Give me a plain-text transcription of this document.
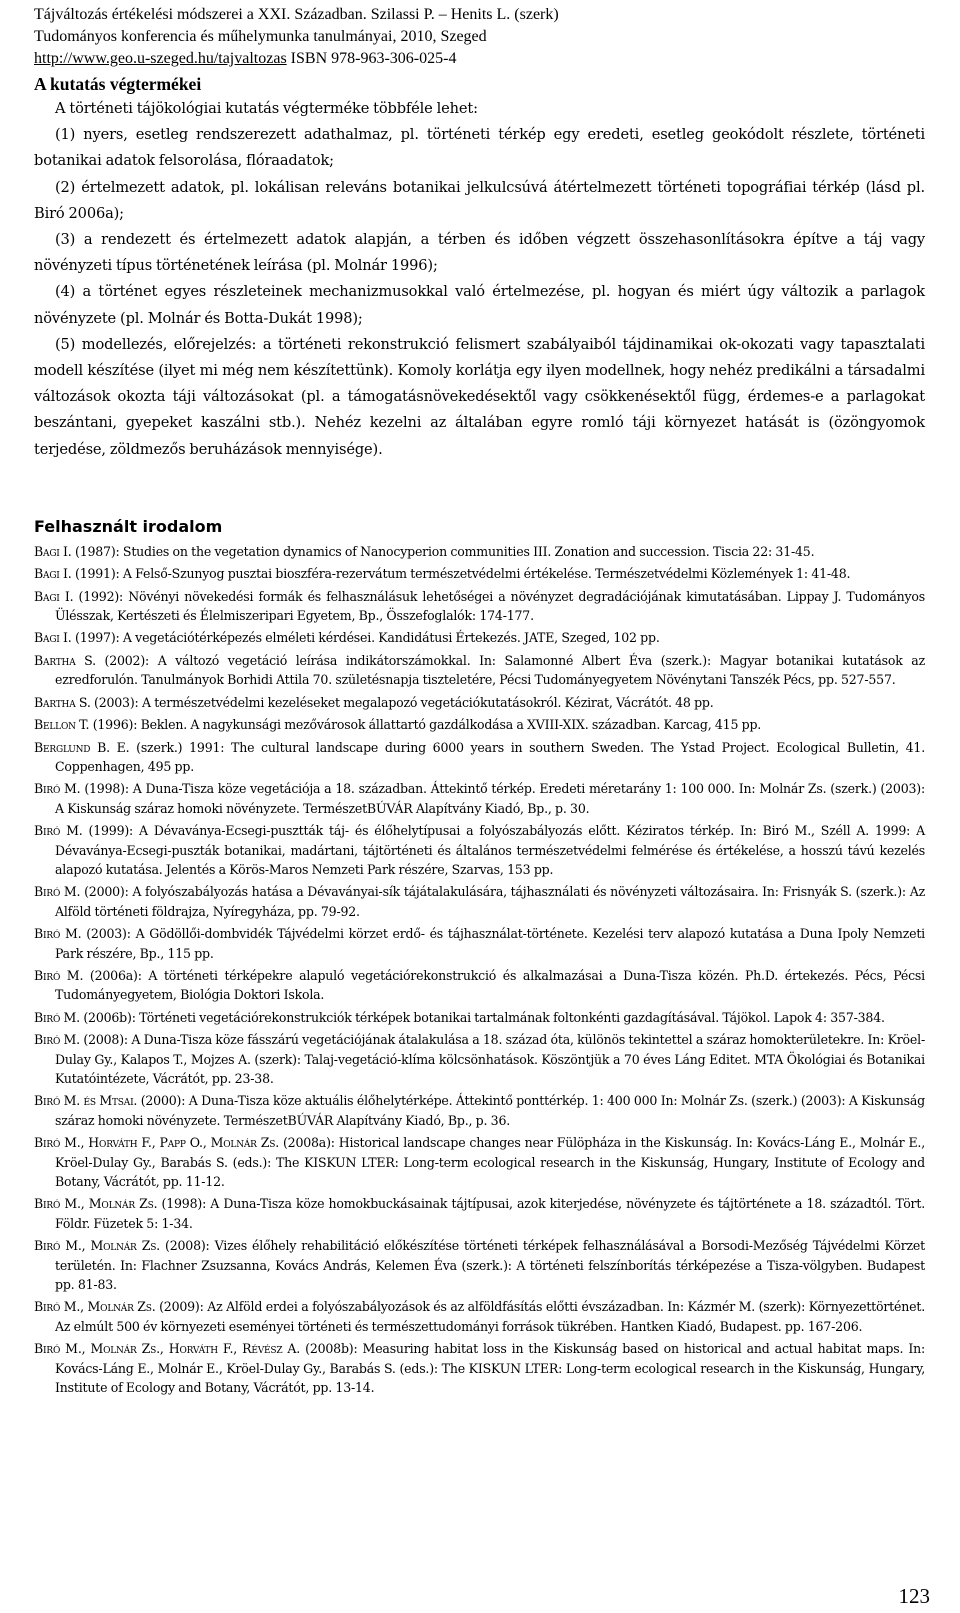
Tájváltozás értékelési módszerei a XXI. Században. Szilassi P. – Henits L. (szerk)
Tudományos konferencia és műhelymunka tanulmányai, 2010, Szeged
http://www.geo.u-szeged.hu/tajvaltozas ISBN 978-963-306-025-4
A kutatás végtermékei

A történeti tájökológiai kutatás végterméke többféle lehet:

(1) nyers, esetleg rendszerezett adathalmaz, pl. történeti térkép egy eredeti, esetleg geokódolt részlete, történeti botanikai adatok felsorolása, flóraadatok;

(2) értelmezett adatok, pl. lokálisan releváns botanikai jelkulcsúvá átértelmezett történeti topográfiai térkép (lásd pl. Biró 2006a);

(3) a rendezett és értelmezett adatok alapján, a térben és időben végzett összehasonlításokra építve a táj vagy növényzeti típus történetének leírása (pl. Molnár 1996);

(4) a történet egyes részleteinek mechanizmusokkal való értelmezése, pl. hogyan és miért úgy változik a parlagok növényzete (pl. Molnár és Botta-Dukát 1998);

(5) modellezés, előrejelzés: a történeti rekonstrukció felismert szabályaiból tájdinamikai ok-okozati vagy tapasztalati modell készítése (ilyet mi még nem készítettünk). Komoly korlátja egy ilyen modellnek, hogy nehéz predikálni a társadalmi változások okozta táji változásokat (pl. a támogatásnövekedésektől vagy csökkenésektől függ, érdemes-e a parlagokat beszántani, gyepeket kaszálni stb.). Nehéz kezelni az általában egyre romló táji környezet hatását is (özöngyomok terjedése, zöldmezős beruházások mennyisége).

Felhasznált irodalom
Bagi I. (1987): Studies on the vegetation dynamics of Nanocyperion communities III. Zonation and succession. Tiscia 22: 31-45.
Bagi I. (1991): A Felső-Szunyog pusztai bioszféra-rezervátum természetvédelmi értékelése. Természetvédelmi Közlemények 1: 41-48.
Bagi I. (1992): Növényi növekedési formák és felhasználásuk lehetőségei a növényzet degradációjának kimutatásában. Lippay J. Tudományos Ülésszak, Kertészeti és Élelmiszeripari Egyetem, Bp., Összefoglalók: 174-177.
Bagi I. (1997): A vegetációtérképezés elméleti kérdései. Kandidátusi Értekezés. JATE, Szeged, 102 pp.
Bartha S. (2002): A változó vegetáció leírása indikátorszámokkal. In: Salamonné Albert Éva (szerk.): Magyar botanikai kutatások az ezredforulón. Tanulmányok Borhidi Attila 70. születésnapja tiszteletére, Pécsi Tudományegyetem Növénytani Tanszék Pécs, pp. 527-557.
Bartha S. (2003): A természetvédelmi kezeléseket megalapozó vegetációkutatásokról. Kézirat, Vácrátót. 48 pp.
Bellon T. (1996): Beklen. A nagykunsági mezővárosok állattartó gazdálkodása a XVIII-XIX. században. Karcag, 415 pp.
Berglund B. E. (szerk.) 1991: The cultural landscape during 6000 years in southern Sweden. The Ystad Project. Ecological Bulletin, 41. Coppenhagen, 495 pp.
Biró M. (1998): A Duna-Tisza köze vegetációja a 18. században. Áttekintő térkép. Eredeti méretarány 1: 100 000. In: Molnár Zs. (szerk.) (2003): A Kiskunság száraz homoki növényzete. TermészetBÚVÁR Alapítvány Kiadó, Bp., p. 30.
Biró M. (1999): A Dévaványa-Ecsegi-pusztták táj- és élőhelytípusai a folyószabályozás előtt. Kéziratos térkép. In: Biró M., Széll A. 1999: A Dévaványa-Ecsegi-puszták botanikai, madártani, tájtörténeti és általános természetvédelmi felmérése és értékelése, a hosszú távú kezelés alapozó kutatása. Jelentés a Körös-Maros Nemzeti Park részére, Szarvas, 153 pp.
Biró M. (2000): A folyószabályozás hatása a Dévaványai-sík tájátalakulására, tájhasználati és növényzeti változásaira. In: Frisnyák S. (szerk.): Az Alföld történeti földrajza, Nyíregyháza, pp. 79-92.
Biró M. (2003): A Gödöllői-dombvidék Tájvédelmi körzet erdő- és tájhasználat-története. Kezelési terv alapozó kutatása a Duna Ipoly Nemzeti Park részére, Bp., 115 pp.
Biró M. (2006a): A történeti térképekre alapuló vegetációrekonstrukció és alkalmazásai a Duna-Tisza közén. Ph.D. értekezés. Pécs, Pécsi Tudományegyetem, Biológia Doktori Iskola.
Biró M. (2006b): Történeti vegetációrekonstrukciók térképek botanikai tartalmának foltonkénti gazdagításával. Tájökol. Lapok 4: 357-384.
Biró M. (2008): A Duna-Tisza köze fásszárú vegetációjának átalakulása a 18. század óta, különös tekintettel a száraz homokterületekre. In: Kröel-Dulay Gy., Kalapos T., Mojzes A. (szerk): Talaj-vegetáció-klíma kölcsönhatások. Köszöntjük a 70 éves Láng Editet. MTA Ökológiai és Botanikai Kutatóintézete, Vácrátót, pp. 23-38.
Biró M. és Mtsai. (2000): A Duna-Tisza köze aktuális élőhelytérképe. Áttekintő ponttérkép. 1: 400 000 In: Molnár Zs. (szerk.) (2003): A Kiskunság száraz homoki növényzete. TermészetBÚVÁR Alapítvány Kiadó, Bp., p. 36.
Biró M., Horváth F., Papp O., Molnár Zs. (2008a): Historical landscape changes near Fülöpháza in the Kiskunság. In: Kovács-Láng E., Molnár E., Kröel-Dulay Gy., Barabás S. (eds.): The KISKUN LTER: Long-term ecological research in the Kiskunság, Hungary, Institute of Ecology and Botany, Vácrátót, pp. 11-12.
Biró M., Molnár Zs. (1998): A Duna-Tisza köze homokbuckásainak tájtípusai, azok kiterjedése, növényzete és tájtörténete a 18. századtól. Tört. Földr. Füzetek 5: 1-34.
Biró M., Molnár Zs. (2008): Vizes élőhely rehabilitáció előkészítése történeti térképek felhasználásával a Borsodi-Mezőség Tájvédelmi Körzet területén. In: Flachner Zsuzsanna, Kovács András, Kelemen Éva (szerk.): A történeti felszínborítás térképezése a Tisza-völgyben. Budapest pp. 81-83.
Biró M., Molnár Zs. (2009): Az Alföld erdei a folyószabályozások és az alföldfásítás előtti évszázadban. In: Kázmér M. (szerk): Környezettörténet. Az elmúlt 500 év környezeti eseményei történeti és természettudományi források tükrében. Hantken Kiadó, Budapest. pp. 167-206.
Biró M., Molnár Zs., Horváth F., Révész A. (2008b): Measuring habitat loss in the Kiskunság based on historical and actual habitat maps. In: Kovács-Láng E., Molnár E., Kröel-Dulay Gy., Barabás S. (eds.): The KISKUN LTER: Long-term ecological research in the Kiskunság, Hungary, Institute of Ecology and Botany, Vácrátót, pp. 13-14.
123
